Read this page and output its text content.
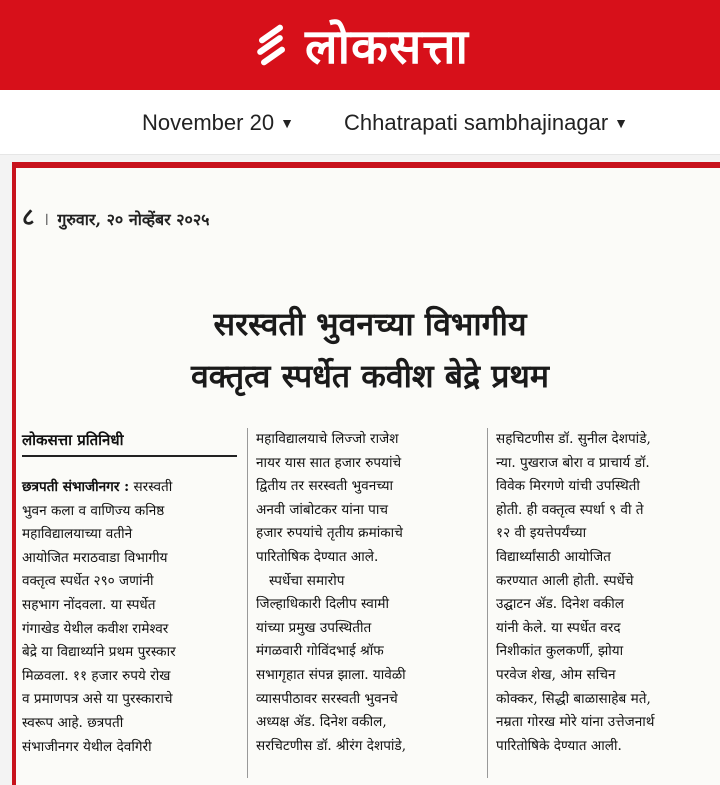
लोकसत्ता
November 20 ▼ Chhatrapati sambhajinagar ▼
८ । गुरुवार, २० नोव्हेंबर २०२५
सरस्वती भुवनच्या विभागीय
वक्तृत्व स्पर्धेत कवीश बेद्रे प्रथम
लोकसत्ता प्रतिनिधी
छत्रपती संभाजीनगर : सरस्वती
भुवन कला व वाणिज्य कनिष्ठ
महाविद्यालयाच्या वतीने
आयोजित मराठवाडा विभागीय
वक्तृत्व स्पर्धेत २९० जणांनी
सहभाग नोंदवला. या स्पर्धेत
गंगाखेड येथील कवीश रामेश्वर
बेद्रे या विद्यार्थ्याने प्रथम पुरस्कार
मिळवला. ११ हजार रुपये रोख
व प्रमाणपत्र असे या पुरस्काराचे
स्वरूप आहे. छत्रपती
संभाजीनगर येथील देवगिरी
महाविद्यालयाचे लिज्जो राजेश
नायर यास सात हजार रुपयांचे
द्वितीय तर सरस्वती भुवनच्या
अनवी जांबोटकर यांना पाच
हजार रुपयांचे तृतीय क्रमांकाचे
पारितोषिक देण्यात आले.
स्पर्धेचा समारोप
जिल्हाधिकारी दिलीप स्वामी
यांच्या प्रमुख उपस्थितीत
मंगळवारी गोविंदभाई श्रॉफ
सभागृहात संपन्न झाला. यावेळी
व्यासपीठावर सरस्वती भुवनचे
अध्यक्ष ॲड. दिनेश वकील,
सरचिटणीस डॉ. श्रीरंग देशपांडे,
सहचिटणीस डॉ. सुनील देशपांडे,
न्या. पुखराज बोरा व प्राचार्य डॉ.
विवेक मिरगणे यांची उपस्थिती
होती. ही वक्तृत्व स्पर्धा ९ वी ते
१२ वी इयत्तेपर्यंच्या
विद्यार्थ्यांसाठी आयोजित
करण्यात आली होती. स्पर्धेचे
उद्घाटन ॲड. दिनेश वकील
यांनी केले. या स्पर्धेत वरद
निशीकांत कुलकर्णी, झोया
परवेज शेख, ओम सचिन
कोक्कर, सिद्धी बाळासाहेब मते,
नम्रता गोरख मोरे यांना उत्तेजनार्थ
पारितोषिके देण्यात आली.
